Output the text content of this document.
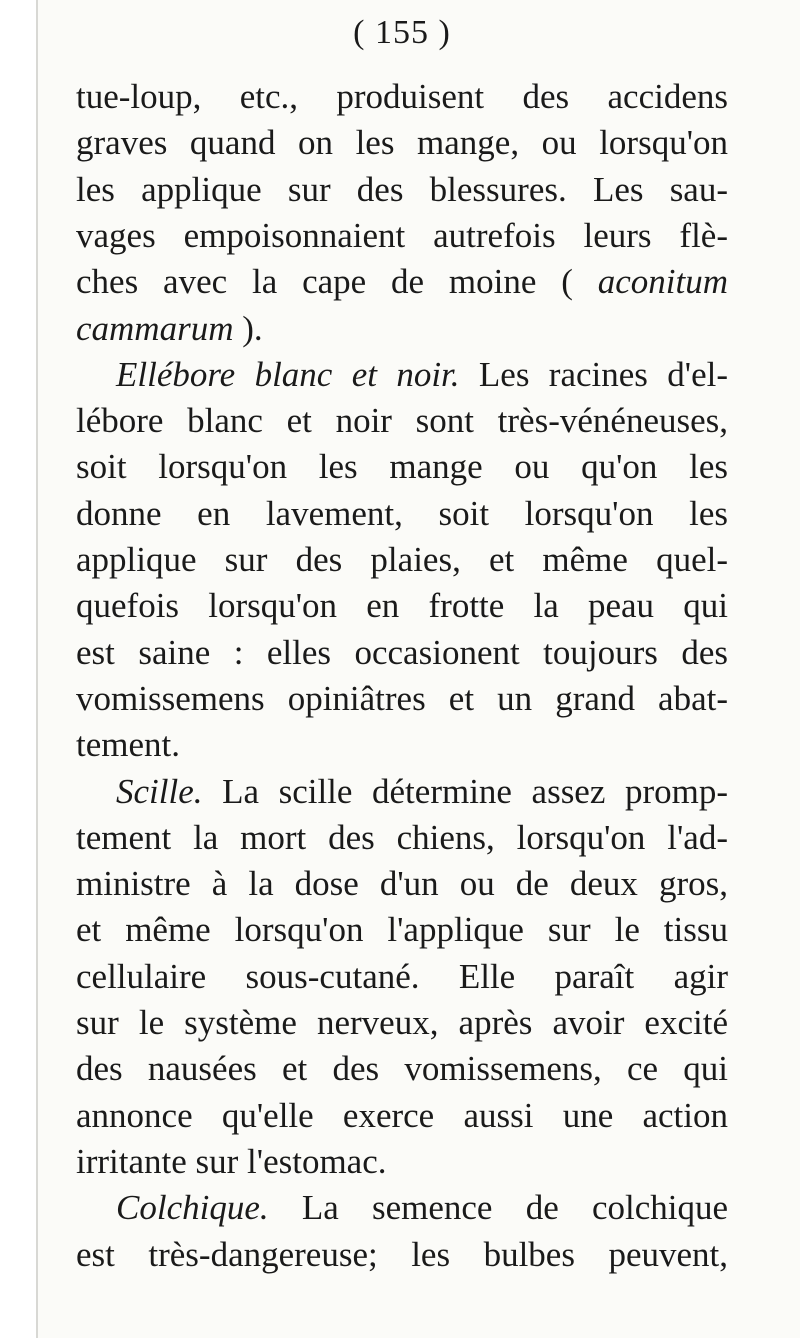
( 155 )
tue-loup, etc., produisent des accidens
graves quand on les mange, ou lorsqu'on
les applique sur des blessures. Les sau-
vages empoisonnaient autrefois leurs flè-
ches avec la cape de moine ( aconitum
cammarum ).
Ellébore blanc et noir. Les racines d'el-
lébore blanc et noir sont très-vénéneuses,
soit lorsqu'on les mange ou qu'on les
donne en lavement, soit lorsqu'on les
applique sur des plaies, et même quel-
quefois lorsqu'on en frotte la peau qui
est saine : elles occasionent toujours des
vomissemens opiniâtres et un grand abat-
tement.
Scille. La scille détermine assez promp-
tement la mort des chiens, lorsqu'on l'ad-
ministre à la dose d'un ou de deux gros,
et même lorsqu'on l'applique sur le tissu
cellulaire sous-cutané. Elle paraît agir
sur le système nerveux, après avoir excité
des nausées et des vomissemens, ce qui
annonce qu'elle exerce aussi une action
irritante sur l'estomac.
Colchique. La semence de colchique
est très-dangereuse; les bulbes peuvent,
